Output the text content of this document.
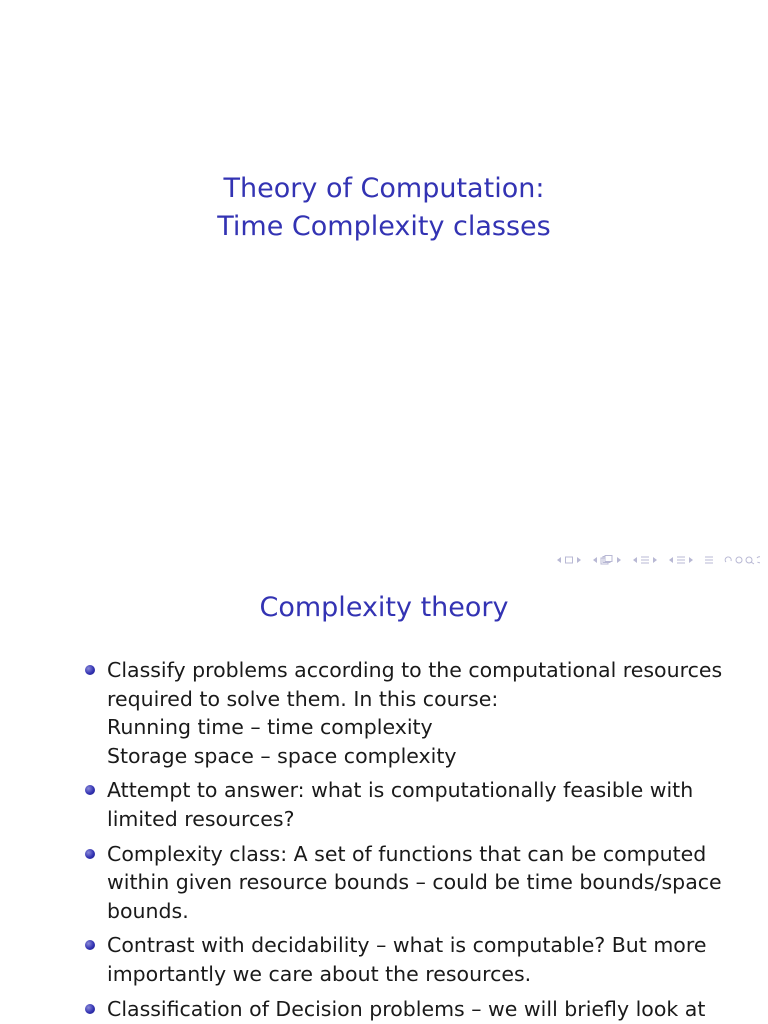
Theory of Computation:
Time Complexity classes
Complexity theory
Classify problems according to the computational resources
required to solve them. In this course:
Running time – time complexity
Storage space – space complexity
Attempt to answer: what is computationally feasible with
limited resources?
Complexity class: A set of functions that can be computed
within given resource bounds – could be time bounds/space
bounds.
Contrast with decidability – what is computable? But more
importantly we care about the resources.
Classification of Decision problems – we will briefly look at
